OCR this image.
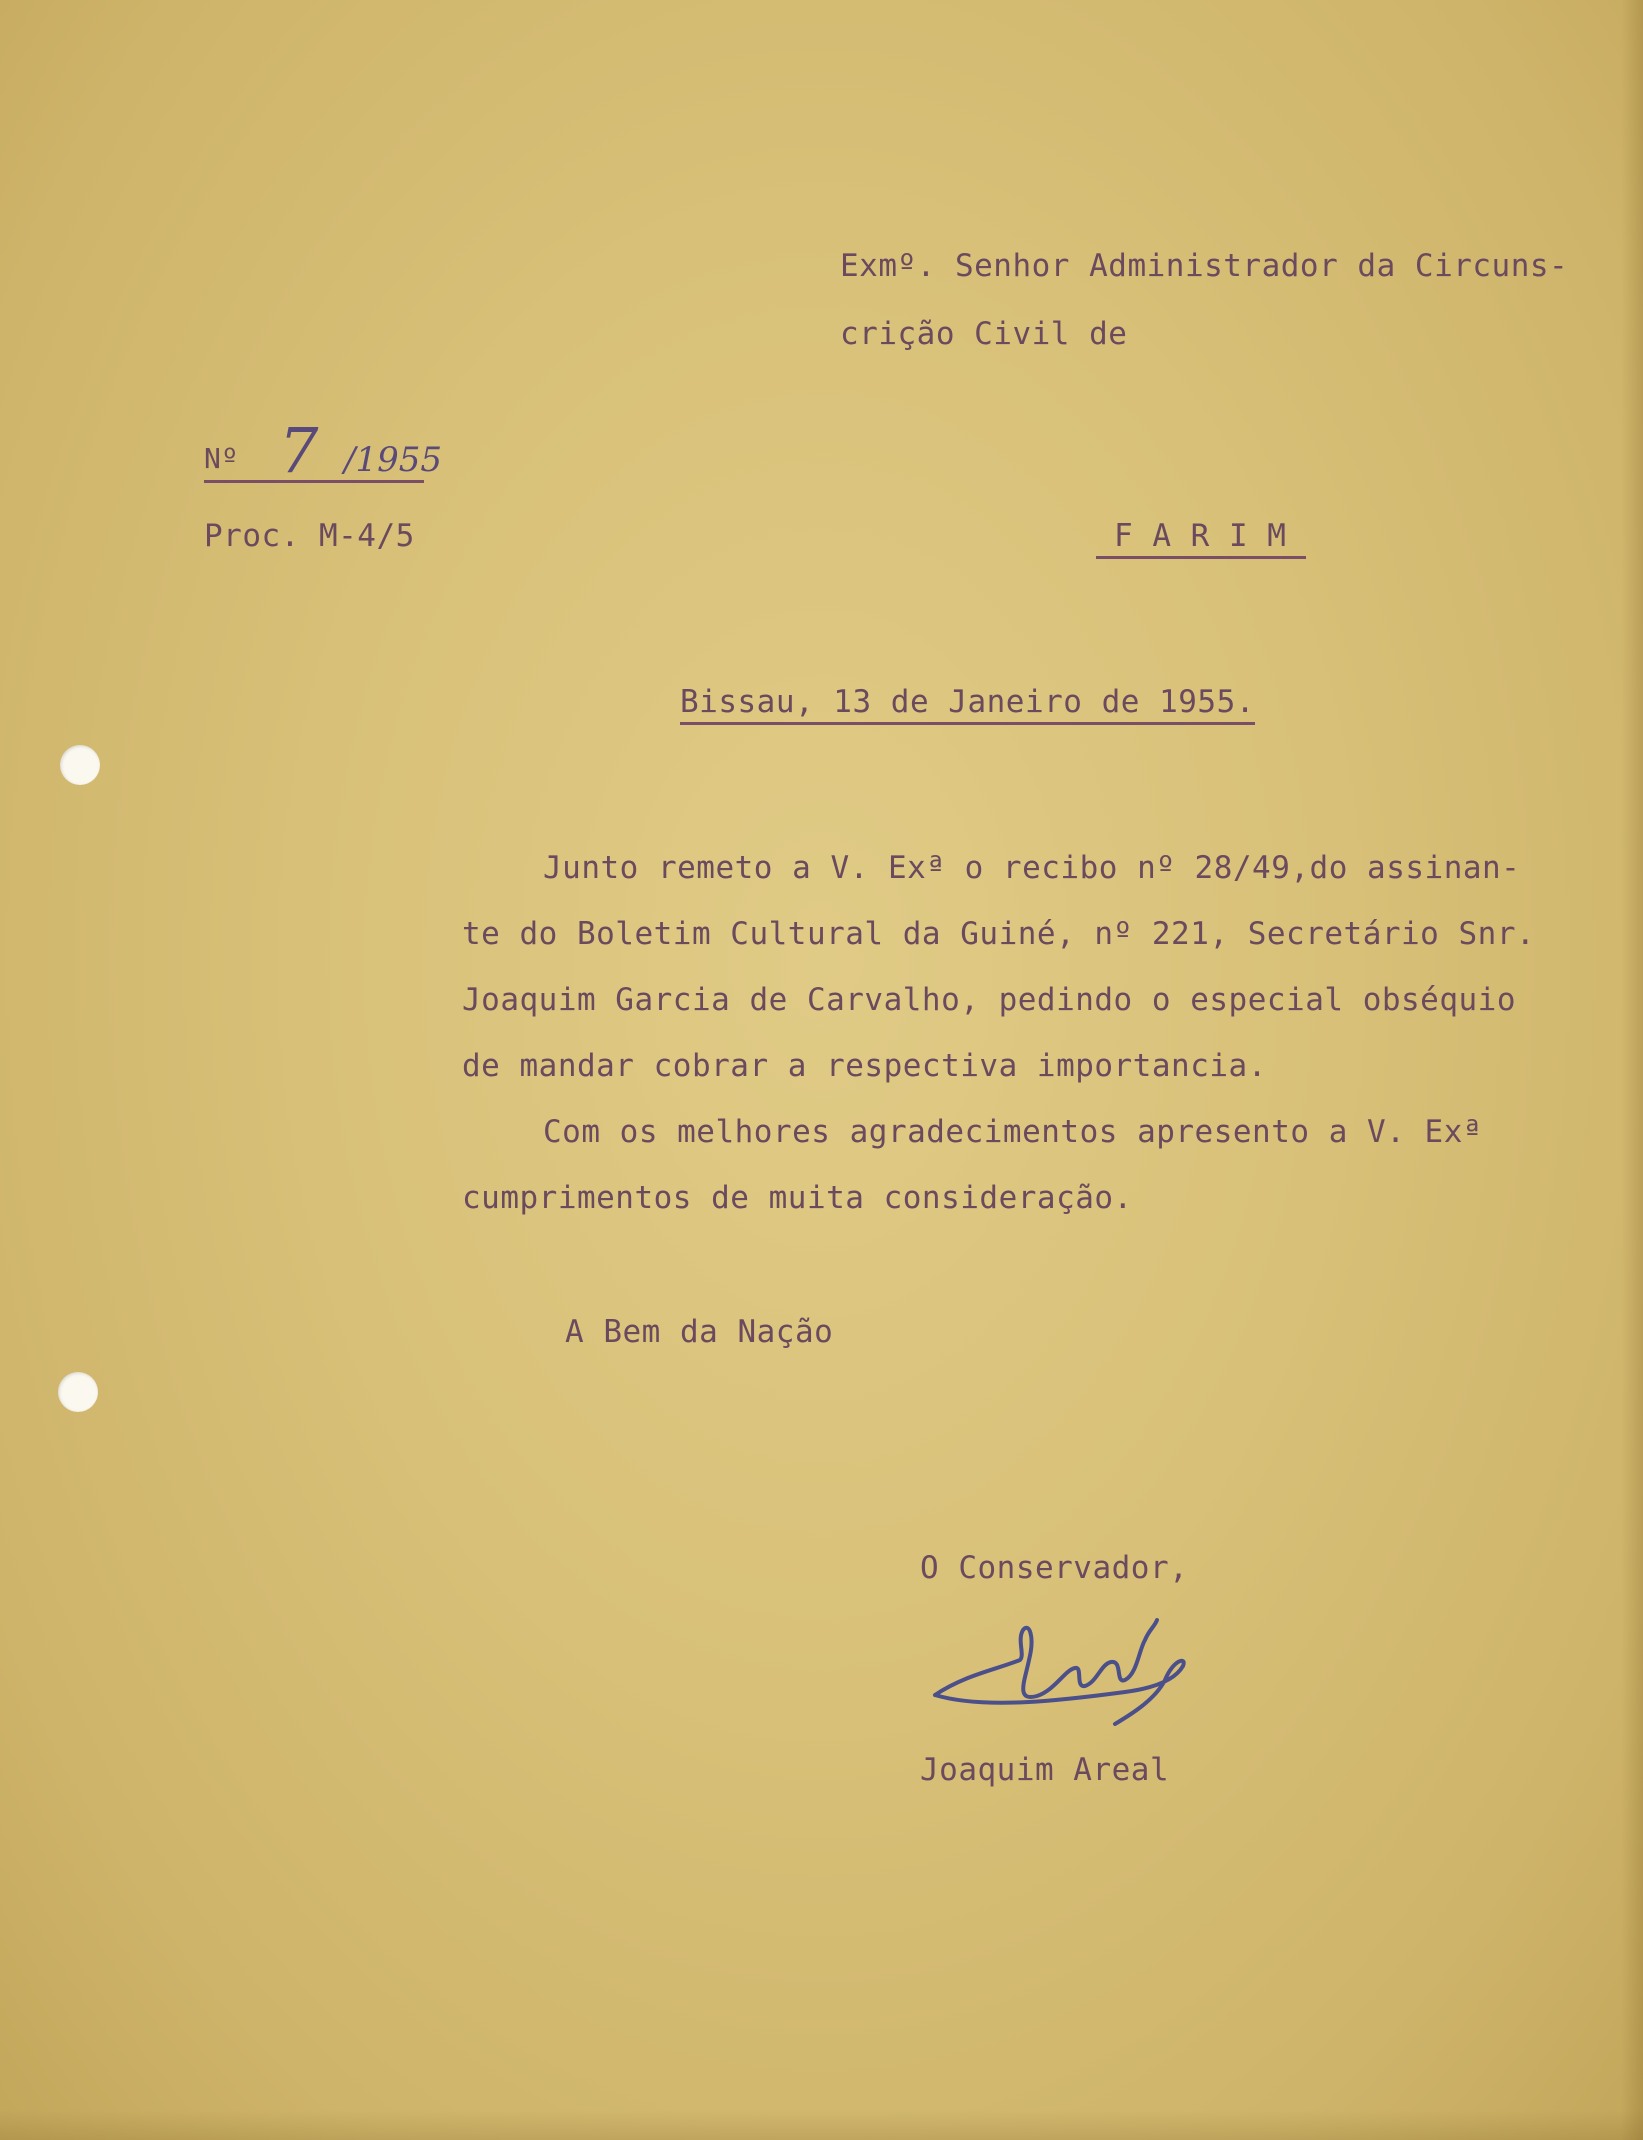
Exmº. Senhor Administrador da Circuns-

crição Civil de

Nº 7 /1955

Proc. M-4/5	F A R I M

Bissau, 13 de Janeiro de 1955.

Junto remeto a V. Exª o recibo nº 28/49,do assinan-

te do Boletim Cultural da Guiné, nº 221, Secretário Snr.

Joaquim Garcia de Carvalho, pedindo o especial obséquio

de mandar cobrar a respectiva importancia.

Com os melhores agradecimentos apresento a V. Exª

cumprimentos de muita consideração.

A Bem da Nação

O Conservador,

Joaquim Areal
